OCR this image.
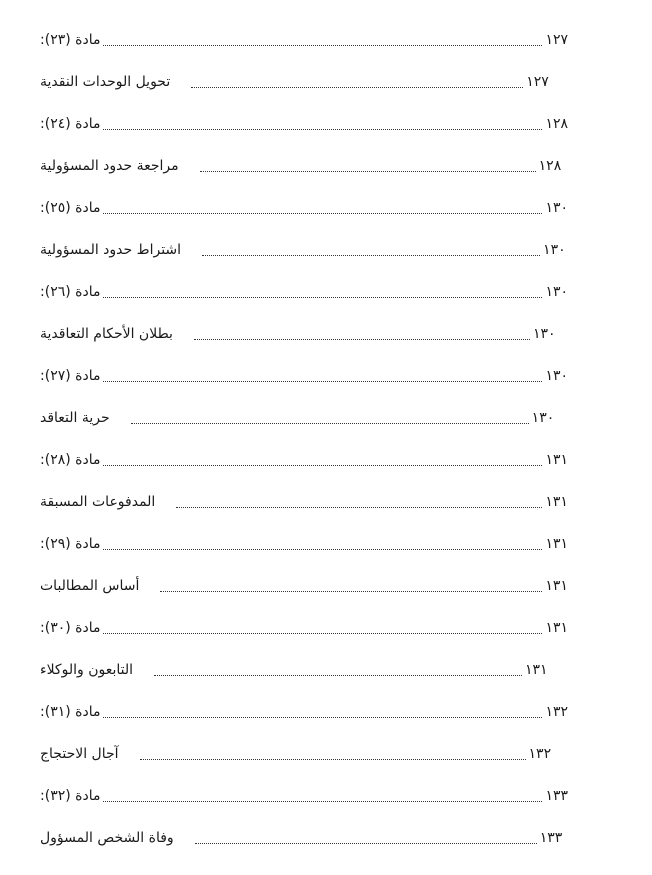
مادة (٢٣):	١٢٧
تحويل الوحدات النقدية	١٢٧
مادة (٢٤):	١٢٨
مراجعة حدود المسؤولية	١٢٨
مادة (٢٥):	١٣٠
اشتراط حدود المسؤولية	١٣٠
مادة (٢٦):	١٣٠
بطلان الأحكام التعاقدية	١٣٠
مادة (٢٧):	١٣٠
حرية التعاقد	١٣٠
مادة (٢٨):	١٣١
المدفوعات المسبقة	١٣١
مادة (٢٩):	١٣١
أساس المطالبات	١٣١
مادة (٣٠):	١٣١
التابعون والوكلاء	١٣١
مادة (٣١):	١٣٢
آجال الاحتجاج	١٣٢
مادة (٣٢):	١٣٣
وفاة الشخص المسؤول	١٣٣
